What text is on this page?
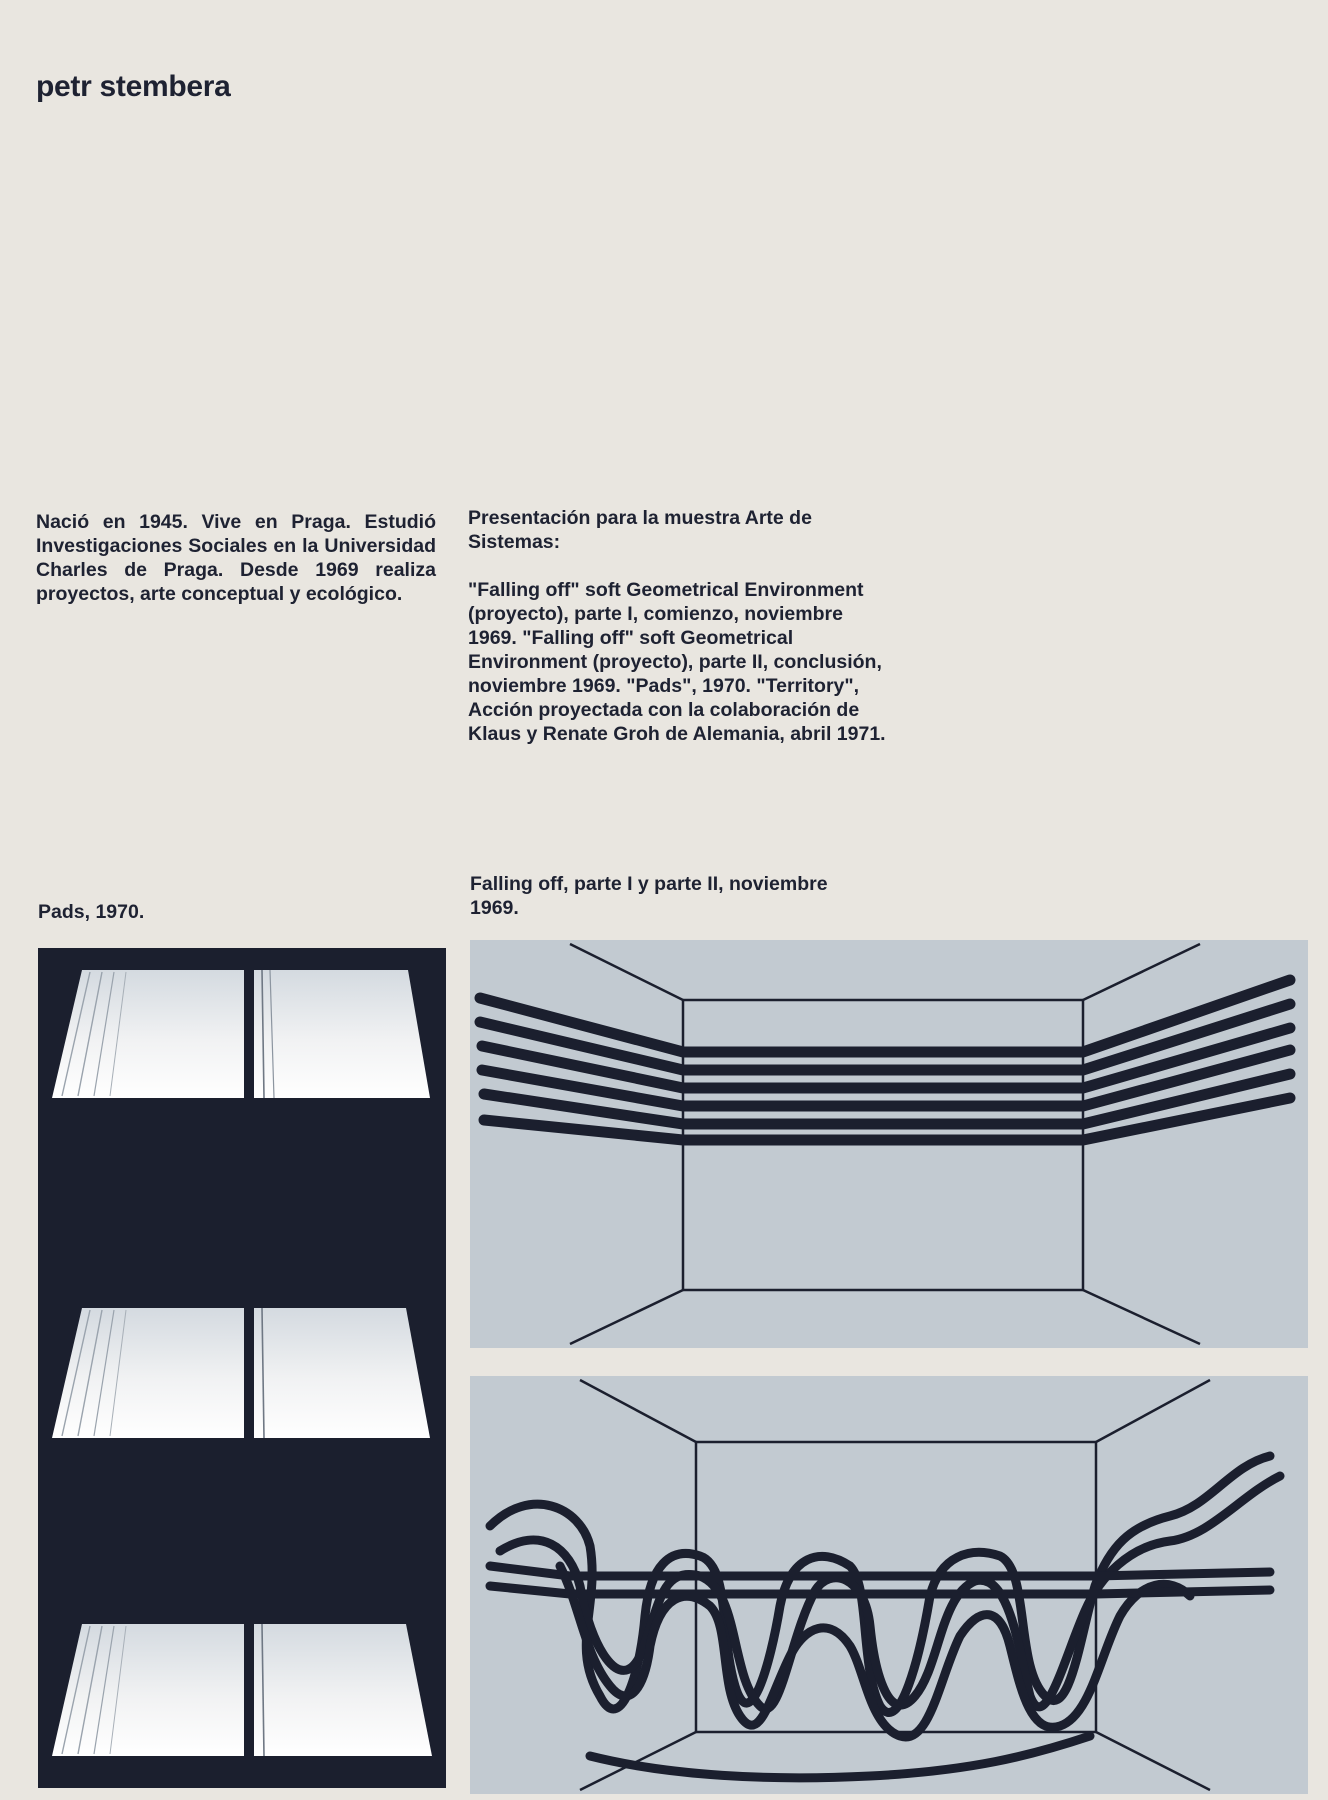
petr stembera

Nació en 1945. Vive en Praga. Estudió Investigaciones Sociales en la Universidad Charles de Praga. Desde 1969 realiza proyectos, arte conceptual y ecológico.

Presentación para la muestra Arte de Sistemas:
"Falling off" soft Geometrical Environment (proyecto), parte I, comienzo, noviembre 1969. "Falling off" soft Geometrical Environment (proyecto), parte II, conclusión, noviembre 1969. "Pads", 1970. "Territory", Acción proyectada con la colaboración de Klaus y Renate Groh de Alemania, abril 1971.

Pads, 1970.

Falling off, parte I y parte II, noviembre 1969.
